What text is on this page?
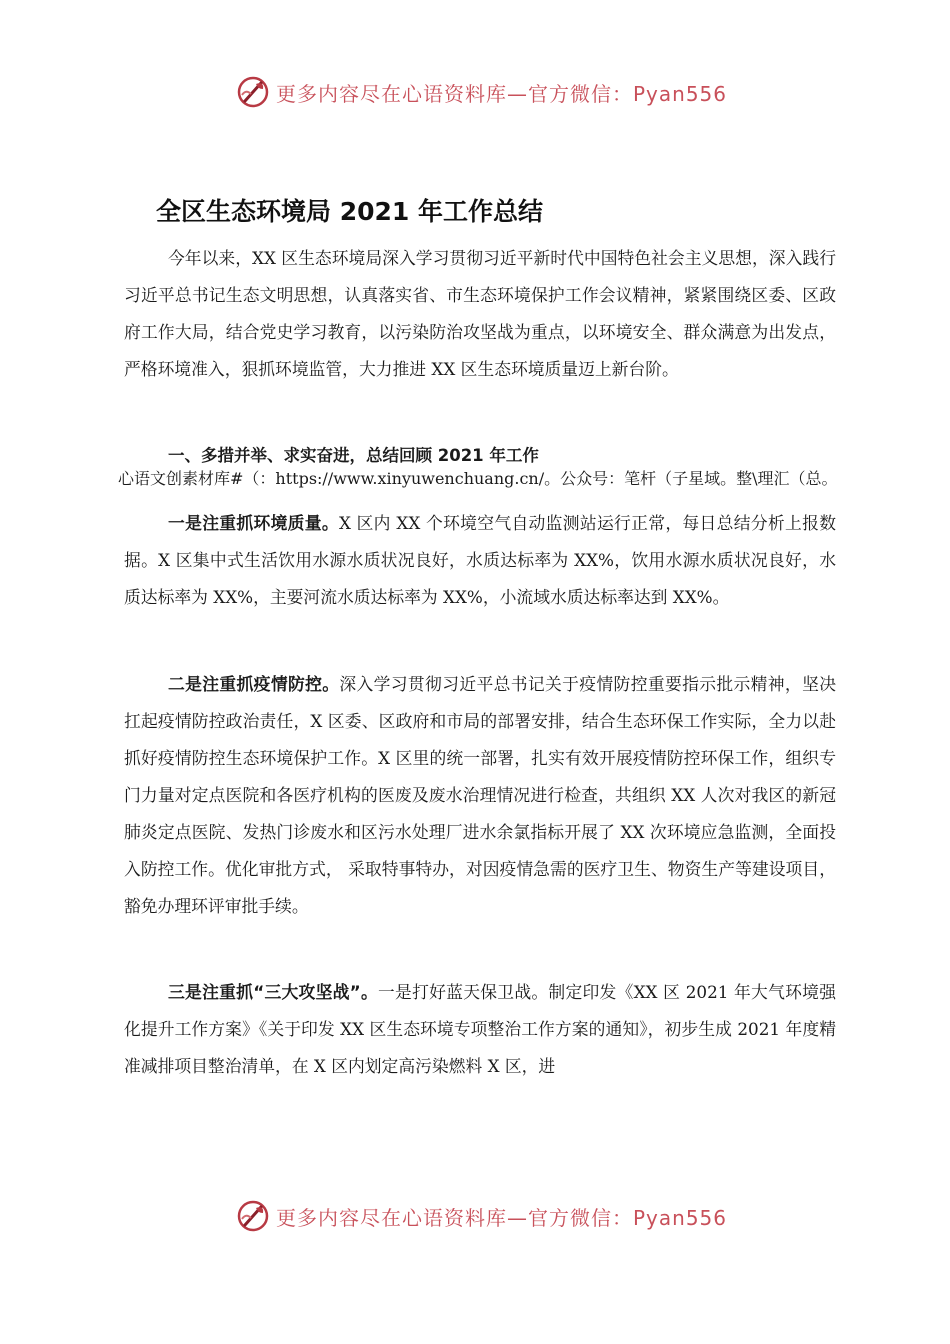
更多内容尽在心语资料库—官方微信：Pyan556
全区生态环境局 2021 年工作总结

今年以来，XX 区生态环境局深入学习贯彻习近平新时代中国特色社会主义思想，深入践行习近平总书记生态文明思想，认真落实省、市生态环境保护工作会议精神，紧紧围绕区委、区政府工作大局，结合党史学习教育，以污染防治攻坚战为重点，以环境安全、群众满意为出发点，严格环境准入，狠抓环境监管，大力推进 XX 区生态环境质量迈上新台阶。

一、多措并举、求实奋进，总结回顾 2021 年工作

心语文创素材库#（：https://www.xinyuwenchuang.cn/。公众号：笔杆（子星域。整\理汇（总。

一是注重抓环境质量。X 区内 XX 个环境空气自动监测站运行正常，每日总结分析上报数据。X 区集中式生活饮用水源水质状况良好，水质达标率为 XX%，饮用水源水质状况良好，水质达标率为 XX%，主要河流水质达标率为 XX%，小流域水质达标率达到 XX%。

二是注重抓疫情防控。深入学习贯彻习近平总书记关于疫情防控重要指示批示精神，坚决扛起疫情防控政治责任，X 区委、区政府和市局的部署安排，结合生态环保工作实际，全力以赴抓好疫情防控生态环境保护工作。X 区里的统一部署，扎实有效开展疫情防控环保工作，组织专门力量对定点医院和各医疗机构的医废及废水治理情况进行检查，共组织 XX 人次对我区的新冠肺炎定点医院、发热门诊废水和区污水处理厂进水余氯指标开展了 XX 次环境应急监测，全面投入防控工作。优化审批方式， 采取特事特办，对因疫情急需的医疗卫生、物资生产等建设项目，豁免办理环评审批手续。

三是注重抓“三大攻坚战”。一是打好蓝天保卫战。制定印发《XX 区 2021 年大气环境强化提升工作方案》《关于印发 XX 区生态环境专项整治工作方案的通知》，初步生成 2021 年度精准减排项目整治清单，在 X 区内划定高污染燃料 X 区，进

更多内容尽在心语资料库—官方微信：Pyan556
